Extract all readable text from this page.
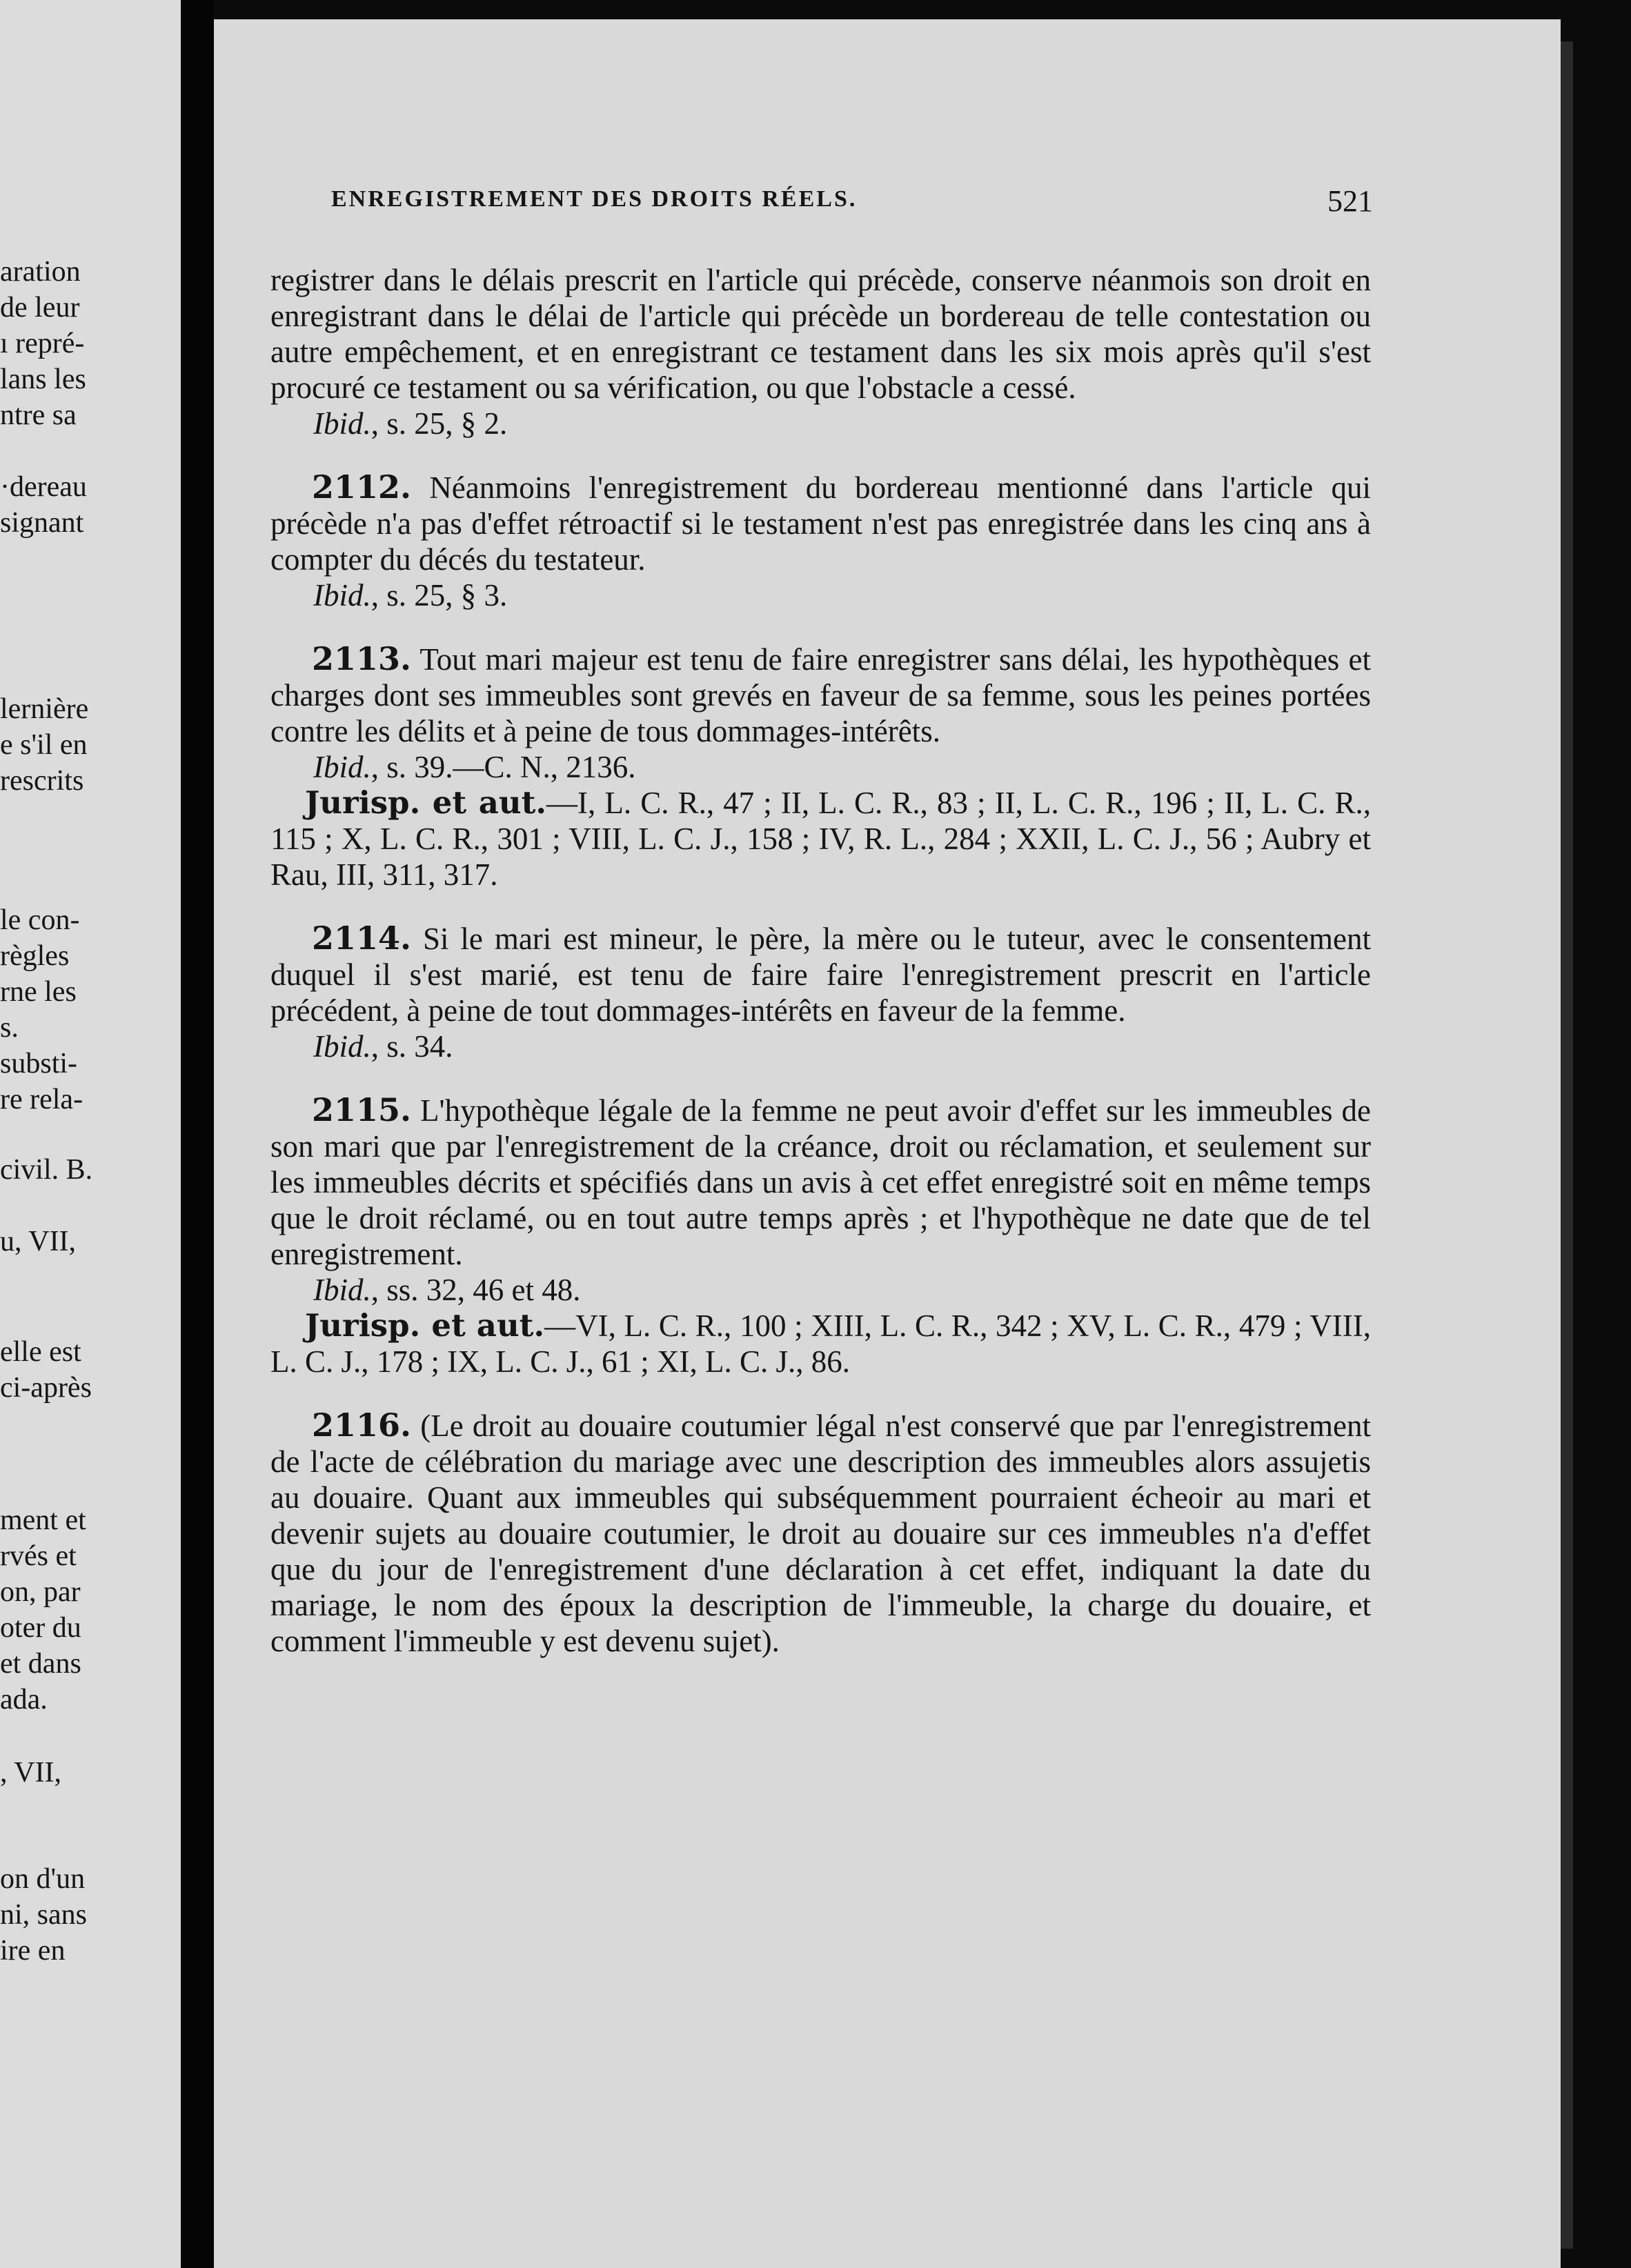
aration
de leur
ı repré-
lans les
ntre sa
·dereau
signant
lernière
e s'il en
rescrits
le con-
règles
rne les
s.
substi-
re rela-
civil. B.
u, VII,
elle est
ci-après
ment et
rvés et
on, par
oter du
et dans
ada.
, VII,
on d'un
ni, sans
ire en
ENREGISTREMENT DES DROITS RÉELS.	521

registrer dans le délais prescrit en l'article qui précède, conserve néanmois son droit en enregistrant dans le délai de l'article qui précède un bordereau de telle contestation ou autre empêchement, et en enregistrant ce testament dans les six mois après qu'il s'est procuré ce testament ou sa vérification, ou que l'obstacle a cessé.

Ibid., s. 25, § 2.

2112. Néanmoins l'enregistrement du bordereau mentionné dans l'article qui précède n'a pas d'effet rétroactif si le testament n'est pas enregistrée dans les cinq ans à compter du décés du testateur.

Ibid., s. 25, § 3.

2113. Tout mari majeur est tenu de faire enregistrer sans délai, les hypothèques et charges dont ses immeubles sont grevés en faveur de sa femme, sous les peines portées contre les délits et à peine de tous dommages-intérêts.

Ibid., s. 39.—C. N., 2136.

Jurisp. et aut.—I, L. C. R., 47 ; II, L. C. R., 83 ; II, L. C. R., 196 ; II, L. C. R., 115 ; X, L. C. R., 301 ; VIII, L. C. J., 158 ; IV, R. L., 284 ; XXII, L. C. J., 56 ; Aubry et Rau, III, 311, 317.

2114. Si le mari est mineur, le père, la mère ou le tuteur, avec le consentement duquel il s'est marié, est tenu de faire faire l'enregistrement prescrit en l'article précédent, à peine de tout dommages-intérêts en faveur de la femme.

Ibid., s. 34.

2115. L'hypothèque légale de la femme ne peut avoir d'effet sur les immeubles de son mari que par l'enregistrement de la créance, droit ou réclamation, et seulement sur les immeubles décrits et spécifiés dans un avis à cet effet enregistré soit en même temps que le droit réclamé, ou en tout autre temps après ; et l'hypothèque ne date que de tel enregistrement.

Ibid., ss. 32, 46 et 48.

Jurisp. et aut.—VI, L. C. R., 100 ; XIII, L. C. R., 342 ; XV, L. C. R., 479 ; VIII, L. C. J., 178 ; IX, L. C. J., 61 ; XI, L. C. J., 86.

2116. (Le droit au douaire coutumier légal n'est conservé que par l'enregistrement de l'acte de célébration du mariage avec une description des immeubles alors assujetis au douaire. Quant aux immeubles qui subséquemment pourraient écheoir au mari et devenir sujets au douaire coutumier, le droit au douaire sur ces immeubles n'a d'effet que du jour de l'enregistrement d'une déclaration à cet effet, indiquant la date du mariage, le nom des époux la description de l'immeuble, la charge du douaire, et comment l'immeuble y est devenu sujet).
